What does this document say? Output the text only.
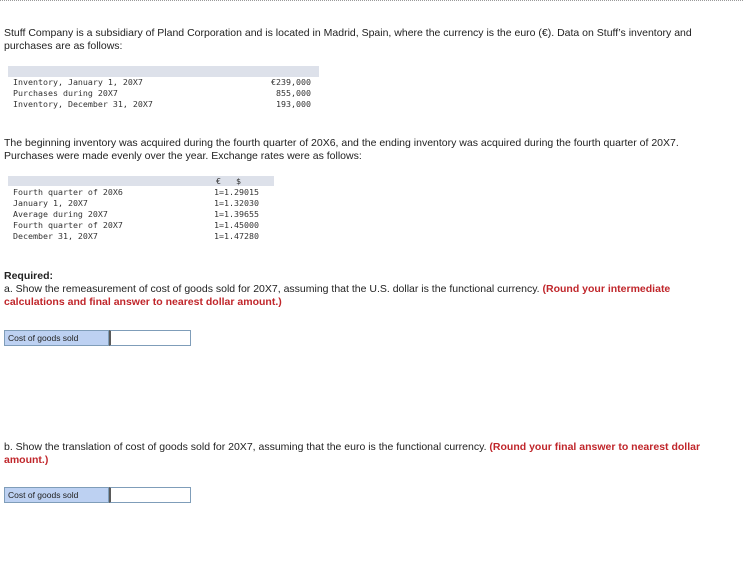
Stuff Company is a subsidiary of Pland Corporation and is located in Madrid, Spain, where the currency is the euro (€). Data on Stuff’s inventory and purchases are as follows:
Inventory, January 1, 20X7
Purchases during 20X7
Inventory, December 31, 20X7
€239,000
855,000
193,000
The beginning inventory was acquired during the fourth quarter of 20X6, and the ending inventory was acquired during the fourth quarter of 20X7. Purchases were made evenly over the year. Exchange rates were as follows:
€ $
Fourth quarter of 20X6
January 1, 20X7
Average during 20X7
Fourth quarter of 20X7
December 31, 20X7
1=1.29015
1=1.32030
1=1.39655
1=1.45000
1=1.47280
Required:
a. Show the remeasurement of cost of goods sold for 20X7, assuming that the U.S. dollar is the functional currency. (Round your intermediate calculations and final answer to nearest dollar amount.)
Cost of goods sold
b. Show the translation of cost of goods sold for 20X7, assuming that the euro is the functional currency. (Round your final answer to nearest dollar amount.)
Cost of goods sold
